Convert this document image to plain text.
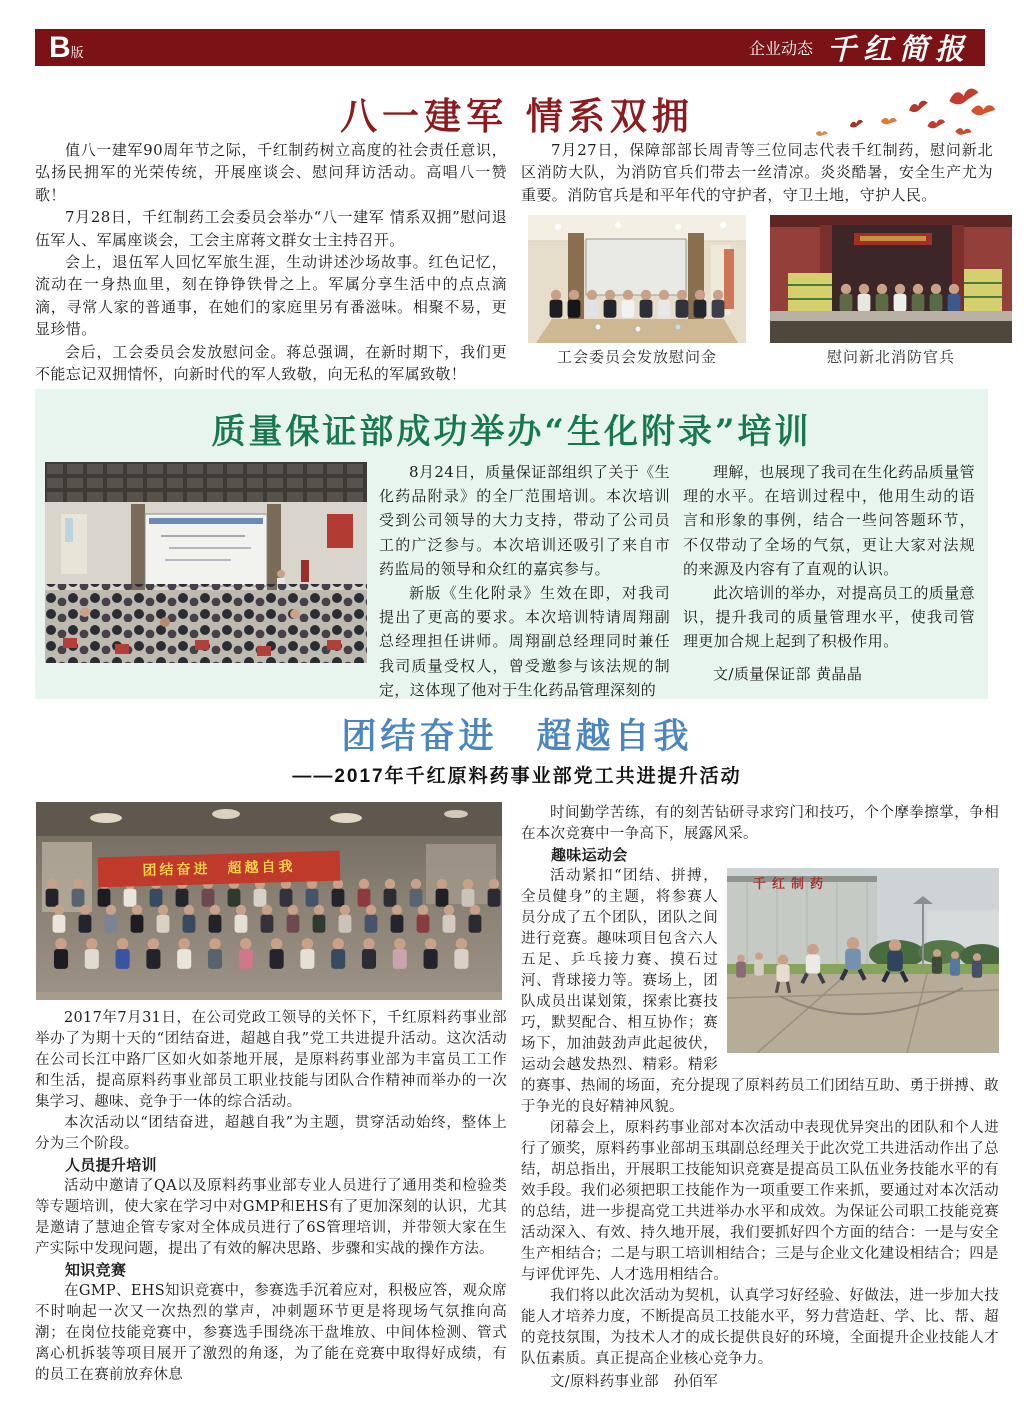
B版	企业动态 千红简报
八一建军 情系双拥

值八一建军90周年节之际，千红制药树立高度的社会责任意识，弘扬民拥军的光荣传统，开展座谈会、慰问拜访活动。高唱八一赞歌！

7月28日，千红制药工会委员会举办“八一建军 情系双拥”慰问退伍军人、军属座谈会，工会主席蒋文群女士主持召开。

会上，退伍军人回忆军旅生涯，生动讲述沙场故事。红色记忆，流动在一身热血里，刻在铮铮铁骨之上。军属分享生活中的点点滴滴，寻常人家的普通事，在她们的家庭里另有番滋味。相聚不易，更显珍惜。

会后，工会委员会发放慰问金。蒋总强调，在新时期下，我们更不能忘记双拥情怀，向新时代的军人致敬，向无私的军属致敬！

7月27日，保障部部长周青等三位同志代表千红制药，慰问新北区消防大队，为消防官兵们带去一丝清凉。炎炎酷暑，安全生产尤为重要。消防官兵是和平年代的守护者，守卫土地，守护人民。

工会委员会发放慰问金	慰问新北消防官兵
质量保证部成功举办“生化附录”培训

8月24日，质量保证部组织了关于《生化药品附录》的全厂范围培训。本次培训受到公司领导的大力支持，带动了公司员工的广泛参与。本次培训还吸引了来自市药监局的领导和众红的嘉宾参与。

新版《生化附录》生效在即，对我司提出了更高的要求。本次培训特请周翔副总经理担任讲师。周翔副总经理同时兼任我司质量受权人，曾受邀参与该法规的制定，这体现了他对于生化药品管理深刻的

理解，也展现了我司在生化药品质量管理的水平。在培训过程中，他用生动的语言和形象的事例，结合一些问答题环节，不仅带动了全场的气氛，更让大家对法规的来源及内容有了直观的认识。

此次培训的举办，对提高员工的质量意识，提升我司的质量管理水平，使我司管理更加合规上起到了积极作用。

文/质量保证部 黄晶晶

团结奋进　超越自我
——2017年千红原料药事业部党工共进提升活动
团结奋进　超越自我

2017年7月31日，在公司党政工领导的关怀下，千红原料药事业部举办了为期十天的“团结奋进，超越自我”党工共进提升活动。这次活动在公司长江中路厂区如火如荼地开展，是原料药事业部为丰富员工工作和生活，提高原料药事业部员工职业技能与团队合作精神而举办的一次集学习、趣味、竞争于一体的综合活动。

本次活动以“团结奋进，超越自我”为主题，贯穿活动始终，整体上分为三个阶段。

人员提升培训

活动中邀请了QA以及原料药事业部专业人员进行了通用类和检验类等专题培训，使大家在学习中对GMP和EHS有了更加深刻的认识，尤其是邀请了慧迪企管专家对全体成员进行了6S管理培训，并带领大家在生产实际中发现问题，提出了有效的解决思路、步骤和实战的操作方法。

知识竞赛

在GMP、EHS知识竞赛中，参赛选手沉着应对，积极应答，观众席不时响起一次又一次热烈的掌声，冲刺题环节更是将现场气氛推向高潮；在岗位技能竞赛中，参赛选手围绕冻干盘堆放、中间体检测、管式离心机拆装等项目展开了激烈的角逐，为了能在竞赛中取得好成绩，有的员工在赛前放弃休息

时间勤学苦练，有的刻苦钻研寻求窍门和技巧，个个摩拳擦掌，争相在本次竞赛中一争高下，展露风采。

趣味运动会

千红制药

活动紧扣“团结、拼搏，全员健身”的主题，将参赛人员分成了五个团队，团队之间进行竞赛。趣味项目包含六人五足、乒乓接力赛、摸石过河、背球接力等。赛场上，团队成员出谋划策，探索比赛技巧，默契配合、相互协作；赛场下，加油鼓劲声此起彼伏，运动会越发热烈、精彩。精彩的赛事、热闹的场面，充分提现了原料药员工们团结互助、勇于拼搏、敢于争光的良好精神风貌。

闭幕会上，原料药事业部对本次活动中表现优异突出的团队和个人进行了颁奖，原料药事业部胡玉琪副总经理关于此次党工共进活动作出了总结，胡总指出，开展职工技能知识竞赛是提高员工队伍业务技能水平的有效手段。我们必须把职工技能作为一项重要工作来抓，要通过对本次活动的总结，进一步提高党工共进举办水平和成效。为保证公司职工技能竞赛活动深入、有效、持久地开展，我们要抓好四个方面的结合：一是与安全生产相结合；二是与职工培训相结合；三是与企业文化建设相结合；四是与评优评先、人才选用相结合。

我们将以此次活动为契机，认真学习好经验、好做法，进一步加大技能人才培养力度，不断提高员工技能水平，努力营造赶、学、比、帮、超的竞技氛围，为技术人才的成长提供良好的环境，全面提升企业技能人才队伍素质。真正提高企业核心竞争力。

文/原料药事业部　孙佰军
